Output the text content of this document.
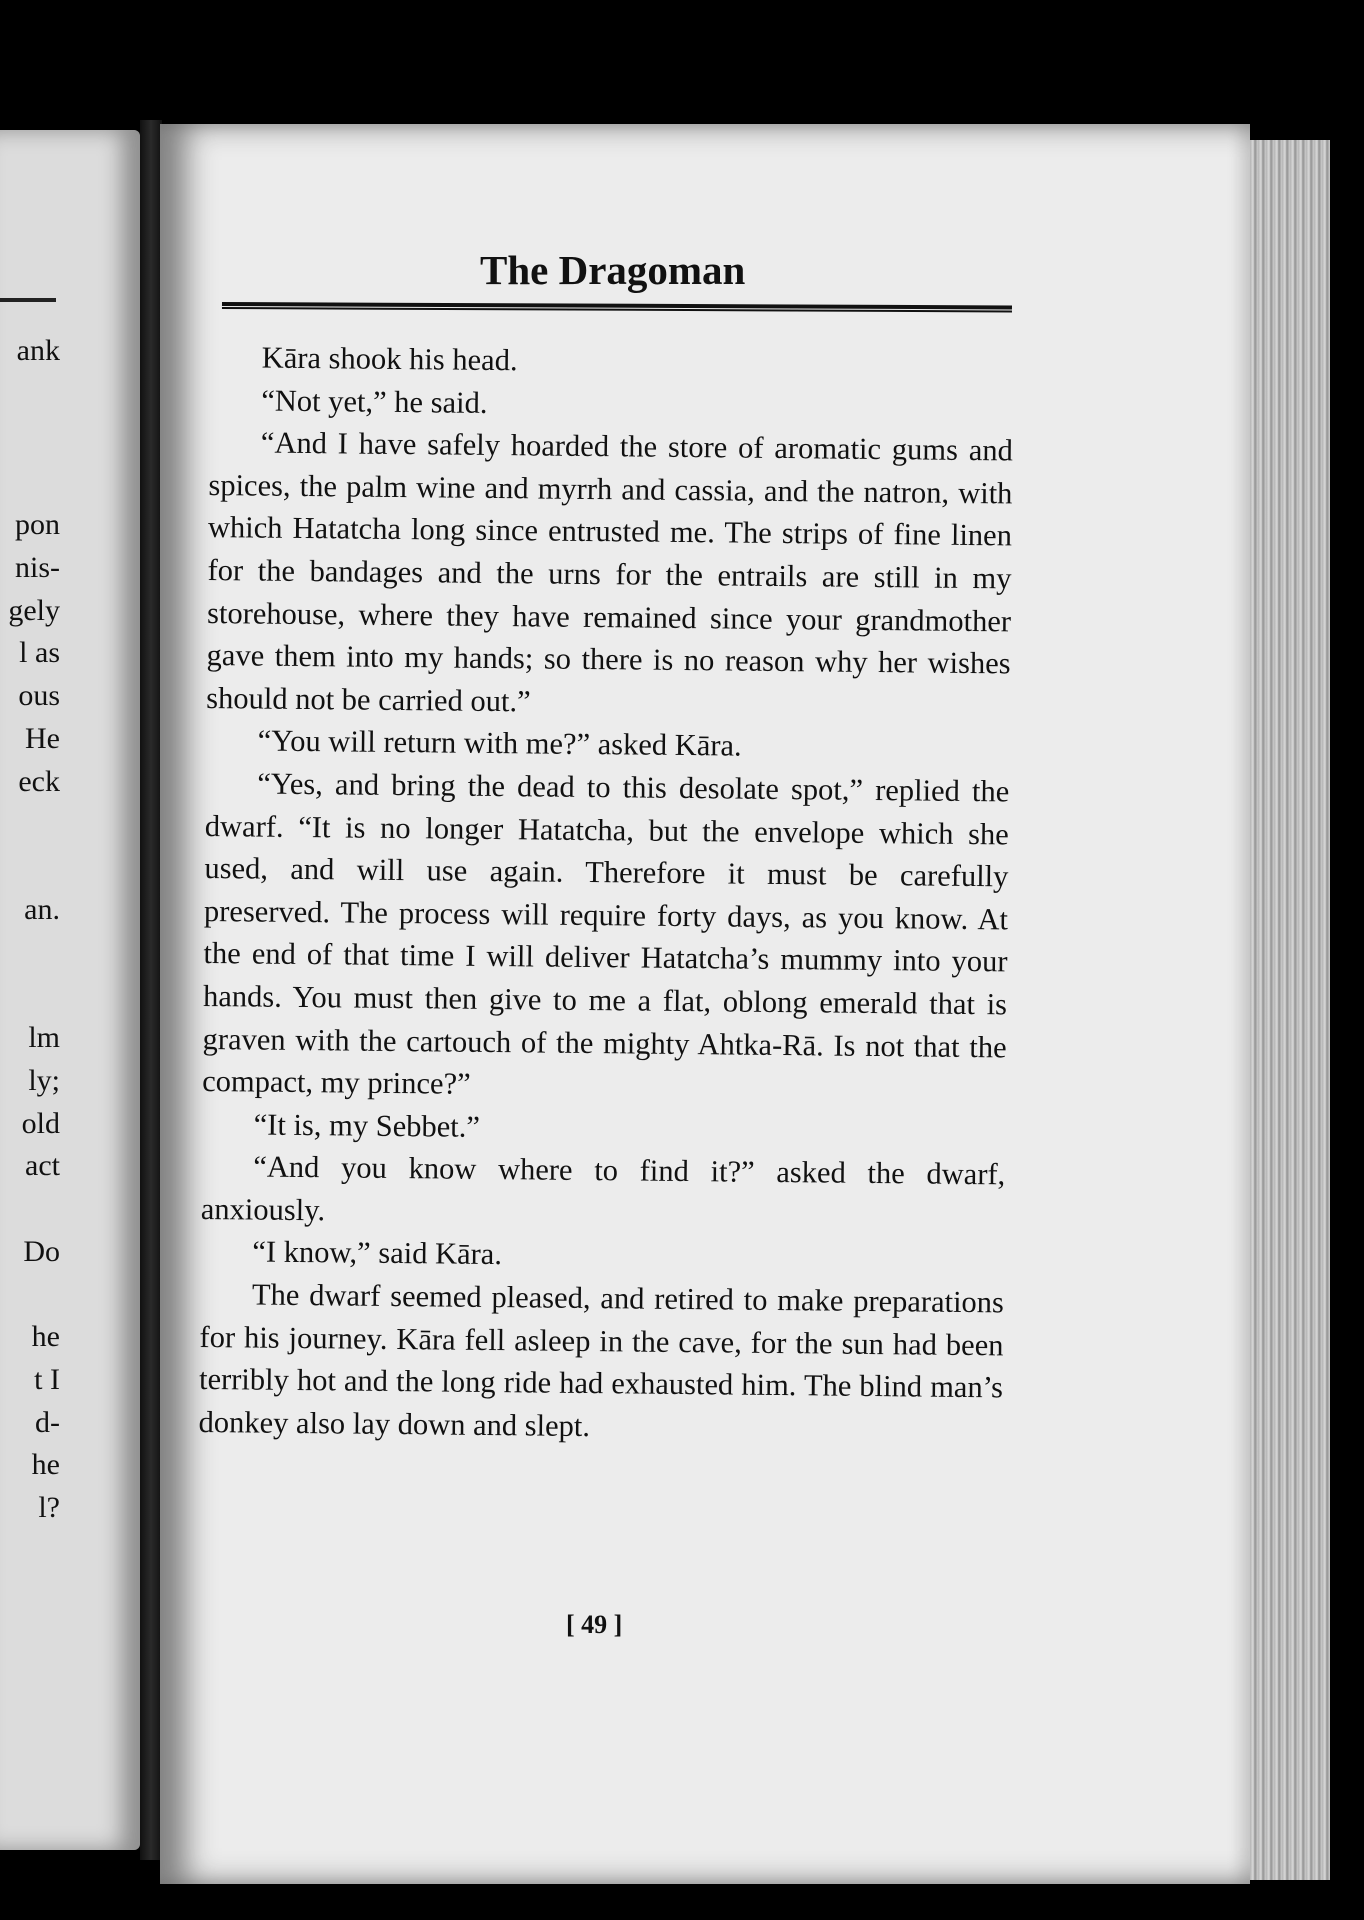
ank
pon
nis-
gely
l as
ous
He
eck
an.
lm
ly;
old
act
Do
he
t I
d-
he
l?
The Dragoman

Kāra shook his head.

“Not yet,” he said.

“And I have safely hoarded the store of aromatic gums and spices, the palm wine and myrrh and cassia, and the natron, with which Hatatcha long since entrusted me. The strips of fine linen for the bandages and the urns for the entrails are still in my storehouse, where they have remained since your grandmother gave them into my hands; so there is no reason why her wishes should not be carried out.”

“You will return with me?” asked Kāra.

“Yes, and bring the dead to this desolate spot,” replied the dwarf. “It is no longer Hatatcha, but the envelope which she used, and will use again. Therefore it must be carefully preserved. The process will require forty days, as you know. At the end of that time I will deliver Hatatcha’s mummy into your hands. You must then give to me a flat, oblong emerald that is graven with the cartouch of the mighty Ahtka-Rā. Is not that the compact, my prince?”

“It is, my Sebbet.”

“And you know where to find it?” asked the dwarf, anxiously.

“I know,” said Kāra.

The dwarf seemed pleased, and retired to make preparations for his journey. Kāra fell asleep in the cave, for the sun had been terribly hot and the long ride had exhausted him. The blind man’s donkey also lay down and slept.

[ 49 ]
